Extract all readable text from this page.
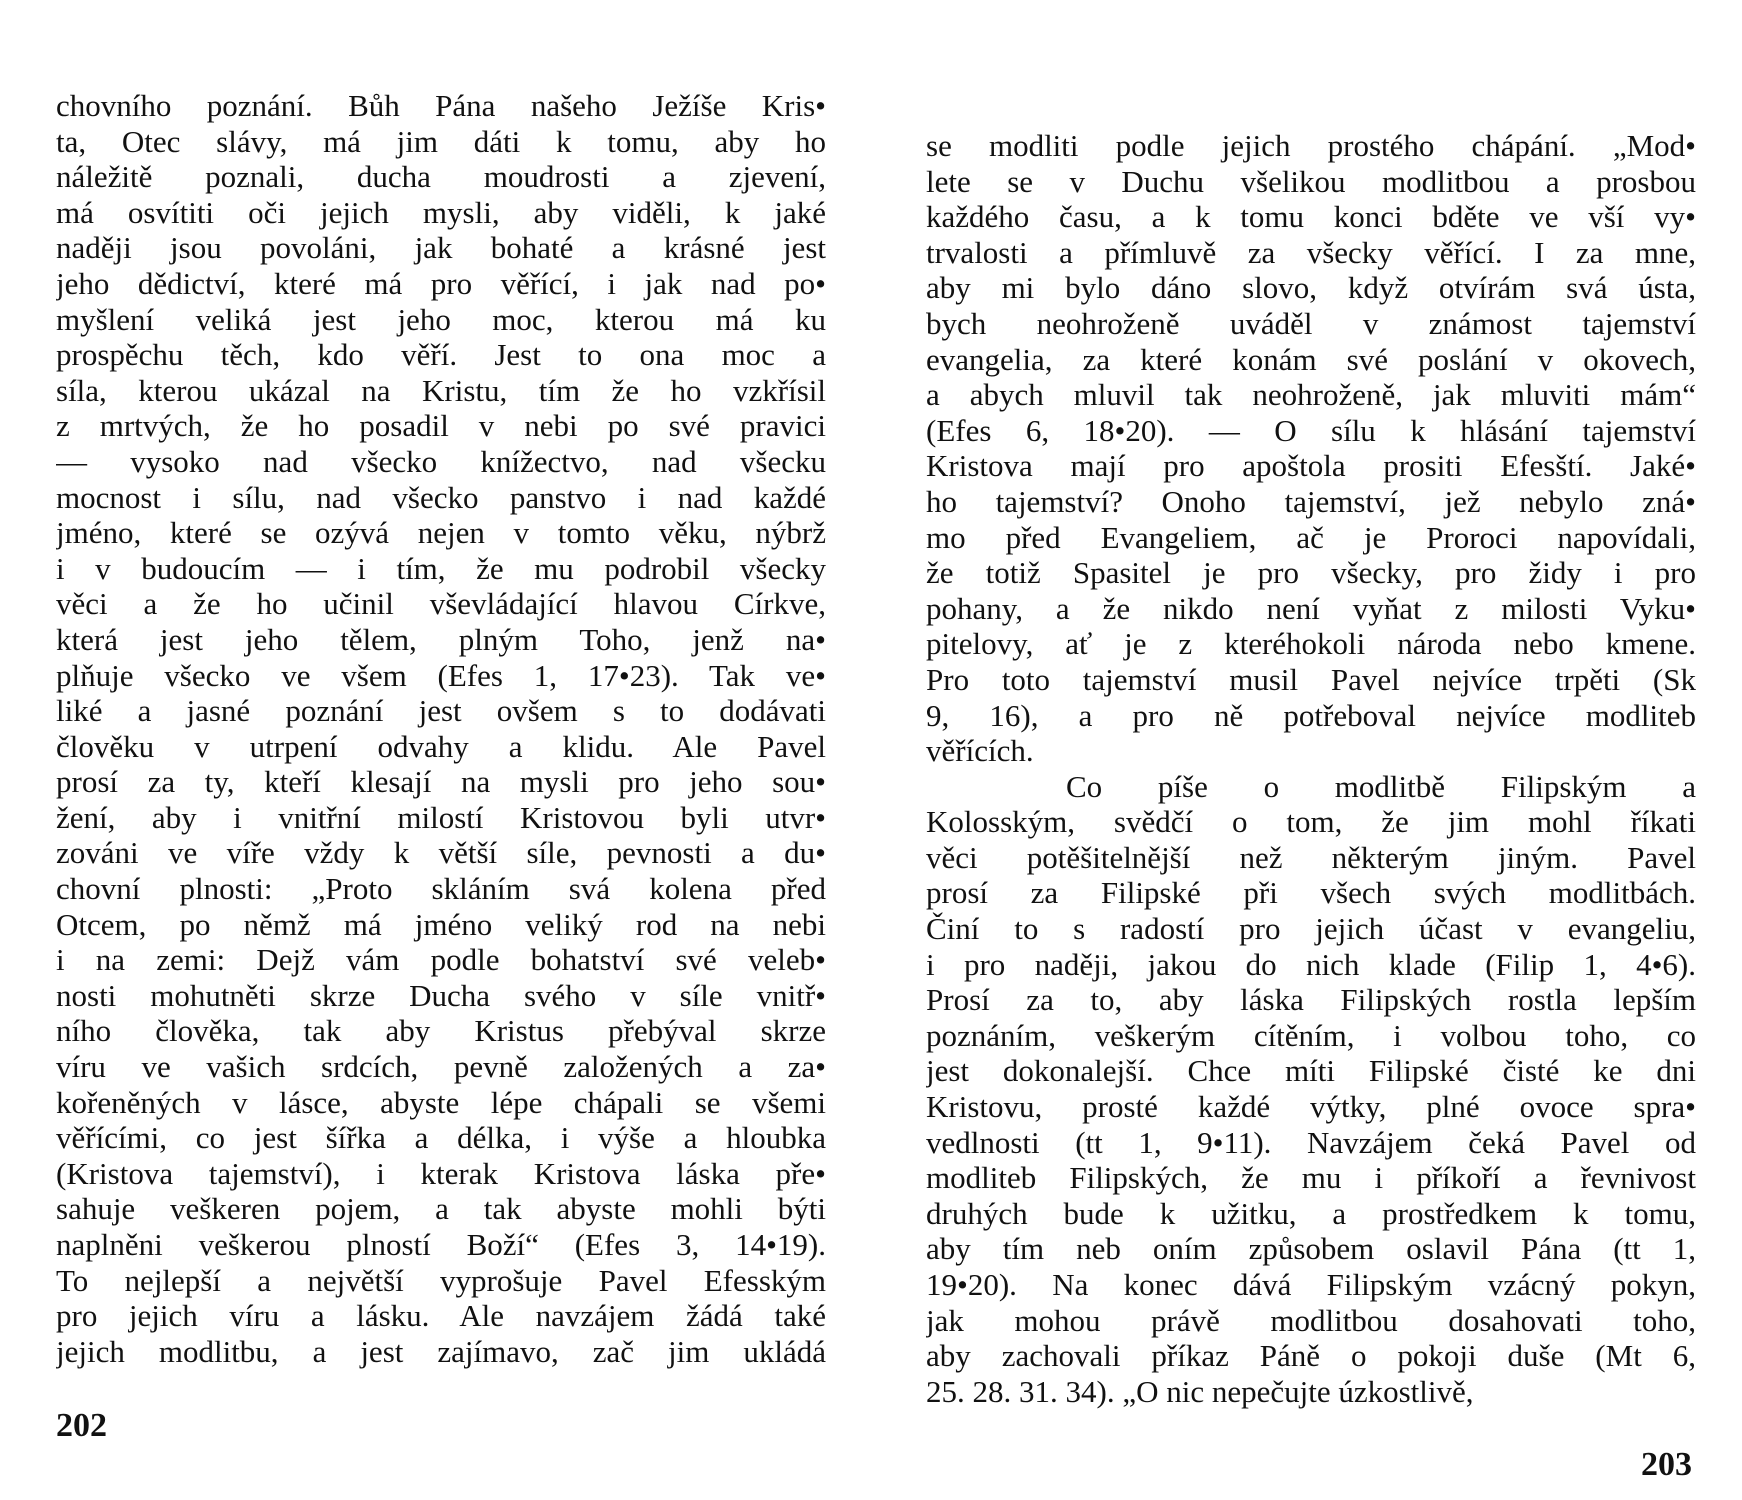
chovního poznání. Bůh Pána našeho Ježíše Kris•
ta, Otec slávy, má jim dáti k tomu, aby ho
náležitě poznali, ducha moudrosti a zjevení,
má osvítiti oči jejich mysli, aby viděli, k jaké
naději jsou povoláni, jak bohaté a krásné jest
jeho dědictví, které má pro věřící, i jak nad po•
myšlení veliká jest jeho moc, kterou má ku
prospěchu těch, kdo věří. Jest to ona moc a
síla, kterou ukázal na Kristu, tím že ho vzkřísil
z mrtvých, že ho posadil v nebi po své pravici
— vysoko nad všecko knížectvo, nad všecku
mocnost i sílu, nad všecko panstvo i nad každé
jméno, které se ozývá nejen v tomto věku, nýbrž
i v budoucím — i tím, že mu podrobil všecky
věci a že ho učinil vševládající hlavou Církve,
která jest jeho tělem, plným Toho, jenž na•
plňuje všecko ve všem (Efes 1, 17•23). Tak ve•
liké a jasné poznání jest ovšem s to dodávati
člověku v utrpení odvahy a klidu. Ale Pavel
prosí za ty, kteří klesají na mysli pro jeho sou•
žení, aby i vnitřní milostí Kristovou byli utvr•
zováni ve víře vždy k větší síle, pevnosti a du•
chovní plnosti: „Proto skláním svá kolena před
Otcem, po němž má jméno veliký rod na nebi
i na zemi: Dejž vám podle bohatství své veleb•
nosti mohutněti skrze Ducha svého v síle vnitř•
ního člověka, tak aby Kristus přebýval skrze
víru ve vašich srdcích, pevně založených a za•
kořeněných v lásce, abyste lépe chápali se všemi
věřícími, co jest šířka a délka, i výše a hloubka
(Kristova tajemství), i kterak Kristova láska pře•
sahuje veškeren pojem, a tak abyste mohli býti
naplněni veškerou plností Boží“ (Efes 3, 14•19).
To nejlepší a největší vyprošuje Pavel Efesským
pro jejich víru a lásku. Ale navzájem žádá také
jejich modlitbu, a jest zajímavo, zač jim ukládá
202
se modliti podle jejich prostého chápání. „Mod•
lete se v Duchu všelikou modlitbou a prosbou
každého času, a k tomu konci bděte ve vší vy•
trvalosti a přímluvě za všecky věřící. I za mne,
aby mi bylo dáno slovo, když otvírám svá ústa,
bych neohroženě uváděl v známost tajemství
evangelia, za které konám své poslání v okovech,
a abych mluvil tak neohroženě, jak mluviti mám“
(Efes 6, 18•20). — O sílu k hlásání tajemství
Kristova mají pro apoštola prositi Efesští. Jaké•
ho tajemství? Onoho tajemství, jež nebylo zná•
mo před Evangeliem, ač je Proroci napovídali,
že totiž Spasitel je pro všecky, pro židy i pro
pohany, a že nikdo není vyňat z milosti Vyku•
pitelovy, ať je z kteréhokoli národa nebo kmene.
Pro toto tajemství musil Pavel nejvíce trpěti (Sk
9, 16), a pro ně potřeboval nejvíce modliteb
věřících.
Co píše o modlitbě Filipským a
Kolosským, svědčí o tom, že jim mohl říkati
věci potěšitelnější než některým jiným. Pavel
prosí za Filipské při všech svých modlitbách.
Činí to s radostí pro jejich účast v evangeliu,
i pro naději, jakou do nich klade (Filip 1, 4•6).
Prosí za to, aby láska Filipských rostla lepším
poznáním, veškerým cítěním, i volbou toho, co
jest dokonalejší. Chce míti Filipské čisté ke dni
Kristovu, prosté každé výtky, plné ovoce spra•
vedlnosti (tt 1, 9•11). Navzájem čeká Pavel od
modliteb Filipských, že mu i příkoří a řevnivost
druhých bude k užitku, a prostředkem k tomu,
aby tím neb oním způsobem oslavil Pána (tt 1,
19•20). Na konec dává Filipským vzácný pokyn,
jak mohou právě modlitbou dosahovati toho,
aby zachovali příkaz Páně o pokoji duše (Mt 6,
25. 28. 31. 34). „O nic nepečujte úzkostlivě,
203
